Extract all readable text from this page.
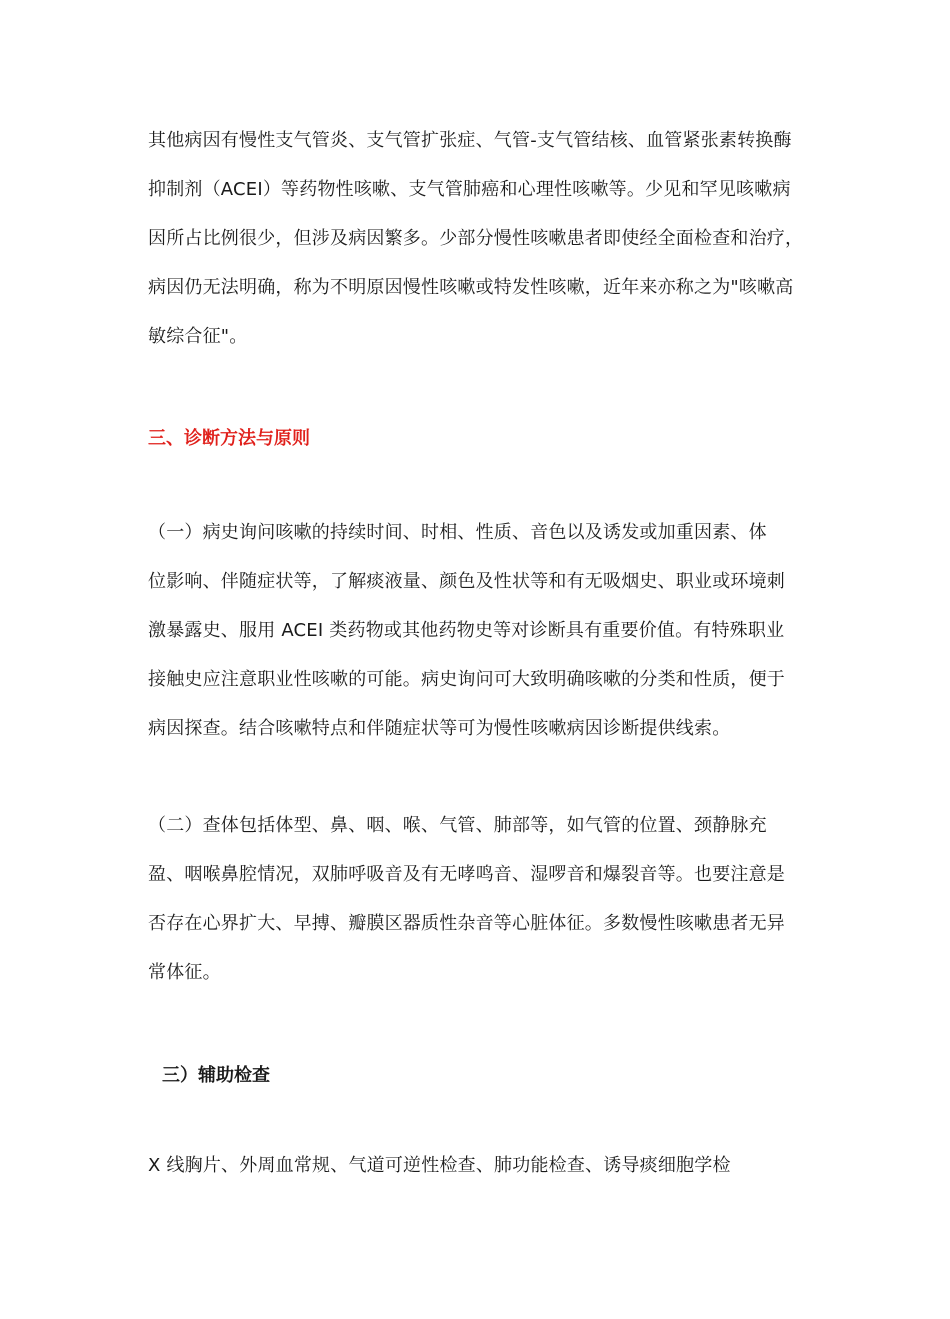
其他病因有慢性支气管炎、支气管扩张症、气管-支气管结核、血管紧张素转换酶
抑制剂（ACEI）等药物性咳嗽、支气管肺癌和心理性咳嗽等。少见和罕见咳嗽病
因所占比例很少，但涉及病因繁多。少部分慢性咳嗽患者即使经全面检查和治疗，
病因仍无法明确，称为不明原因慢性咳嗽或特发性咳嗽，近年来亦称之为"咳嗽高
敏综合征"。
三、诊断方法与原则
（一）病史询问咳嗽的持续时间、时相、性质、音色以及诱发或加重因素、体
位影响、伴随症状等，了解痰液量、颜色及性状等和有无吸烟史、职业或环境刺
激暴露史、服用 ACEI 类药物或其他药物史等对诊断具有重要价值。有特殊职业
接触史应注意职业性咳嗽的可能。病史询问可大致明确咳嗽的分类和性质，便于
病因探查。结合咳嗽特点和伴随症状等可为慢性咳嗽病因诊断提供线索。
（二）查体包括体型、鼻、咽、喉、气管、肺部等，如气管的位置、颈静脉充
盈、咽喉鼻腔情况，双肺呼吸音及有无哮鸣音、湿啰音和爆裂音等。也要注意是
否存在心界扩大、早搏、瓣膜区器质性杂音等心脏体征。多数慢性咳嗽患者无异
常体征。
三）辅助检查
X 线胸片、外周血常规、气道可逆性检查、肺功能检查、诱导痰细胞学检
